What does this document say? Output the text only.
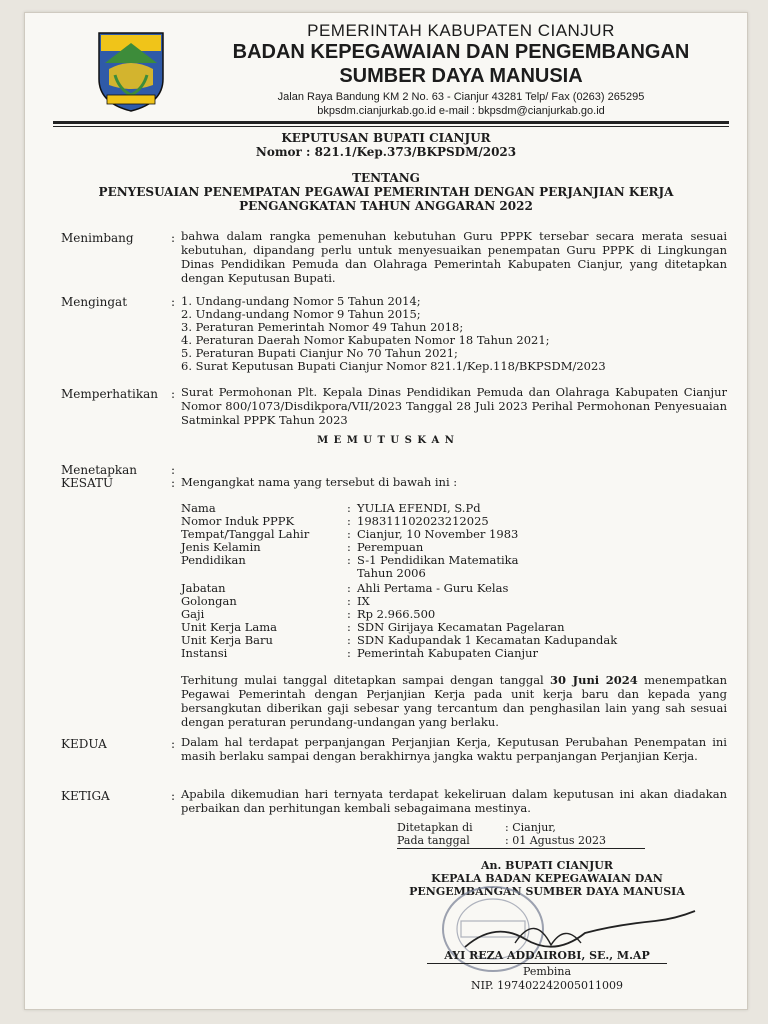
PEMERINTAH KABUPATEN CIANJUR
BADAN KEPEGAWAIAN DAN PENGEMBANGAN
SUMBER DAYA MANUSIA
Jalan Raya Bandung KM 2 No. 63 - Cianjur 43281 Telp/ Fax (0263) 265295
bkpsdm.cianjurkab.go.id e-mail : bkpsdm@cianjurkab.go.id
KEPUTUSAN BUPATI CIANJUR
Nomor : 821.1/Kep.373/BKPSDM/2023
TENTANG
PENYESUAIAN PENEMPATAN PEGAWAI PEMERINTAH DENGAN PERJANJIAN KERJA
PENGANGKATAN TAHUN ANGGARAN 2022
Menimbang	: bahwa dalam rangka pemenuhan kebutuhan Guru PPPK tersebar secara merata sesuai kebutuhan, dipandang perlu untuk menyesuaikan penempatan Guru PPPK di Lingkungan Dinas Pendidikan Pemuda dan Olahraga Pemerintah Kabupaten Cianjur, yang ditetapkan dengan Keputusan Bupati.
Mengingat	: 1. Undang-undang Nomor 5 Tahun 2014;
2. Undang-undang Nomor 9 Tahun 2015;
3. Peraturan Pemerintah Nomor 49 Tahun 2018;
4. Peraturan Daerah Nomor Kabupaten Nomor 18 Tahun 2021;
5. Peraturan Bupati Cianjur No 70 Tahun 2021;
6. Surat Keputusan Bupati Cianjur Nomor 821.1/Kep.118/BKPSDM/2023
Memperhatikan : Surat Permohonan Plt. Kepala Dinas Pendidikan Pemuda dan Olahraga Kabupaten Cianjur Nomor 800/1073/Disdikpora/VII/2023 Tanggal 28 Juli 2023 Perihal Permohonan Penyesuaian Satminkal PPPK Tahun 2023
M E M U T U S K A N
Menetapkan	:
KESATU	: Mengangkat nama yang tersebut di bawah ini :
Nama	: YULIA EFENDI, S.Pd
Nomor Induk PPPK	: 198311102023212025
Tempat/Tanggal Lahir	: Cianjur, 10 November 1983
Jenis Kelamin	: Perempuan
Pendidikan	: S-1 Pendidikan Matematika
Tahun 2006
Jabatan	: Ahli Pertama - Guru Kelas
Golongan	: IX
Gaji	: Rp 2.966.500
Unit Kerja Lama	: SDN Girijaya Kecamatan Pagelaran
Unit Kerja Baru	: SDN Kadupandak 1 Kecamatan Kadupandak
Instansi	: Pemerintah Kabupaten Cianjur
Terhitung mulai tanggal ditetapkan sampai dengan tanggal 30 Juni 2024 menempatkan Pegawai Pemerintah dengan Perjanjian Kerja pada unit kerja baru dan kepada yang bersangkutan diberikan gaji sebesar yang tercantum dan penghasilan lain yang sah sesuai dengan peraturan perundang-undangan yang berlaku.
KEDUA	: Dalam hal terdapat perpanjangan Perjanjian Kerja, Keputusan Perubahan Penempatan ini masih berlaku sampai dengan berakhirnya jangka waktu perpanjangan Perjanjian Kerja.
KETIGA	: Apabila dikemudian hari ternyata terdapat kekeliruan dalam keputusan ini akan diadakan perbaikan dan perhitungan kembali sebagaimana mestinya.
Ditetapkan di	: Cianjur,
Pada tanggal	: 01 Agustus 2023
An. BUPATI CIANJUR
KEPALA BADAN KEPEGAWAIAN DAN
PENGEMBANGAN SUMBER DAYA MANUSIA
AYI REZA ADDAIROBI, SE., M.AP
Pembina
NIP. 197402242005011009
